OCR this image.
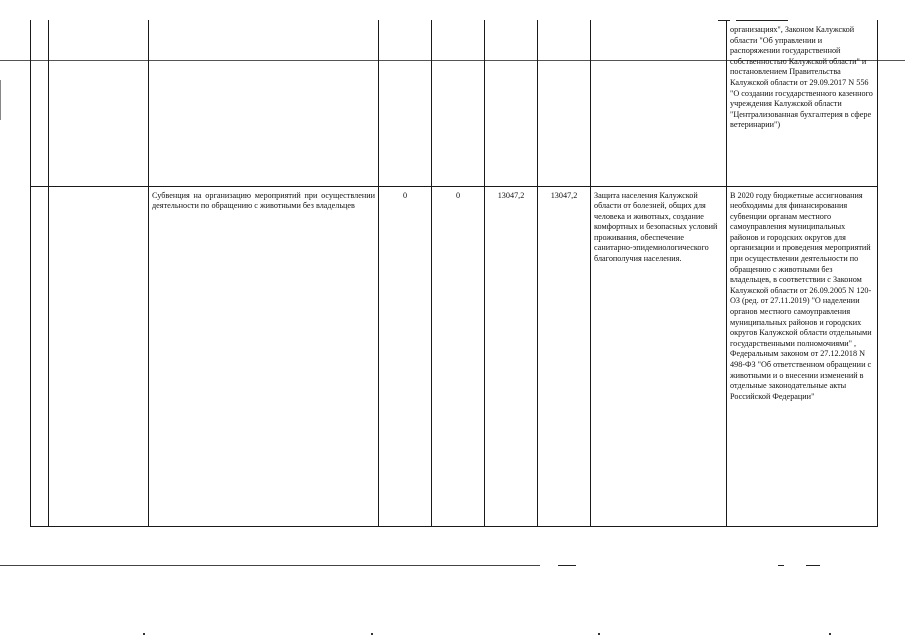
								организациях", Законом Калужской области "Об управлении и распоряжении государственной собственностью Калужской области" и постановлением Правительства Калужской области от 29.09.2017 N 556 "О создании государственного казенного учреждения Калужской области "Централизованная бухгалтерия в сфере ветеринарии")
		Субвенция на организацию мероприятий при осуществлении деятельности по обращению с животными без владельцев	0	0	13047,2	13047,2	Защита населения Калужской области от болезней, общих для человека и животных, создание комфортных и безопасных условий проживания, обеспечение санитарно-эпидемиологического благополучия населения.	В 2020 году бюджетные ассигнования необходимы для финансирования субвенции органам местного самоуправления муниципальных районов и городских округов для организации и проведения мероприятий при осуществлении деятельности по обращению с животными без владельцев, в соответствии с Законом Калужской области от 26.09.2005 N 120-ОЗ (ред. от 27.11.2019) "О наделении органов местного самоуправления муниципальных районов и городских округов Калужской области отдельными государственными полномочиями" , Федеральным законом от 27.12.2018 N 498-ФЗ "Об ответственном обращении с животными и о внесении изменений в отдельные законодательные акты Российской Федерации"
